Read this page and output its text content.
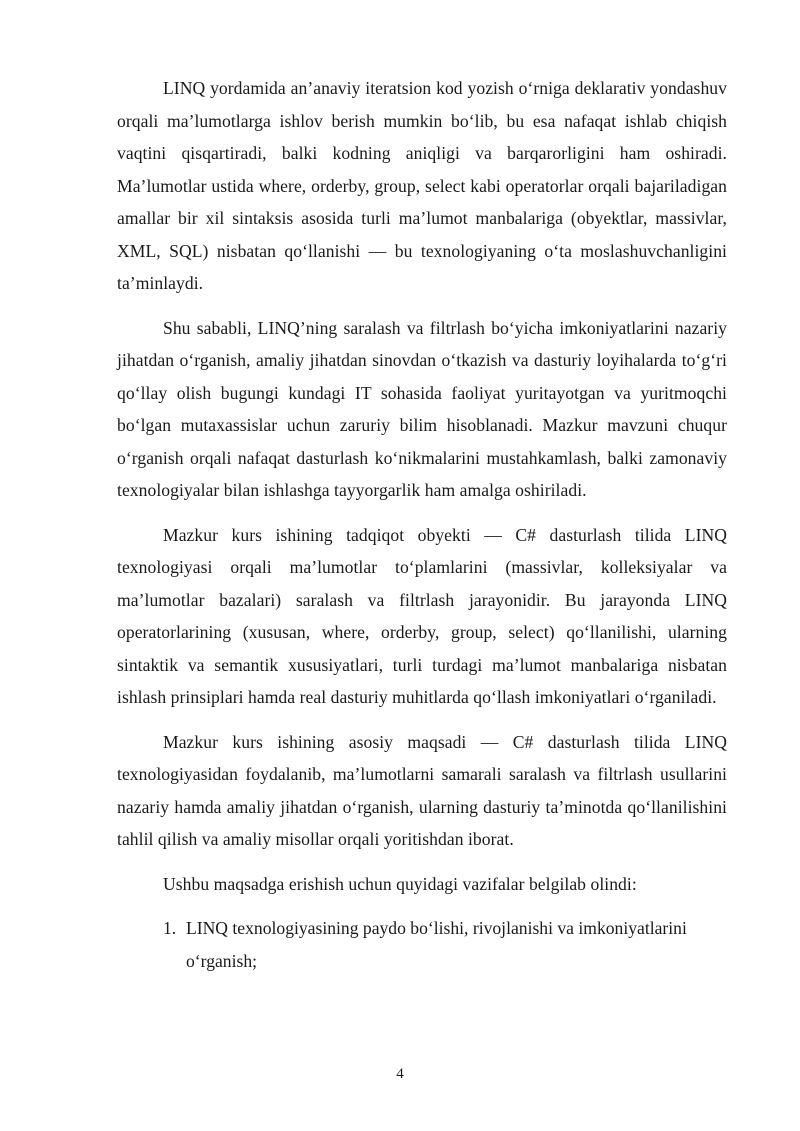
LINQ yordamida an’anaviy iteratsion kod yozish o‘rniga deklarativ yondashuv orqali ma’lumotlarga ishlov berish mumkin bo‘lib, bu esa nafaqat ishlab chiqish vaqtini qisqartiradi, balki kodning aniqligi va barqarorligini ham oshiradi. Ma’lumotlar ustida where, orderby, group, select kabi operatorlar orqali bajariladigan amallar bir xil sintaksis asosida turli ma’lumot manbalariga (obyektlar, massivlar, XML, SQL) nisbatan qo‘llanishi — bu texnologiyaning o‘ta moslashuvchanligini ta’minlaydi.

Shu sababli, LINQ’ning saralash va filtrlash bo‘yicha imkoniyatlarini nazariy jihatdan o‘rganish, amaliy jihatdan sinovdan o‘tkazish va dasturiy loyihalarda to‘g‘ri qo‘llay olish bugungi kundagi IT sohasida faoliyat yuritayotgan va yuritmoqchi bo‘lgan mutaxassislar uchun zaruriy bilim hisoblanadi. Mazkur mavzuni chuqur o‘rganish orqali nafaqat dasturlash ko‘nikmalarini mustahkamlash, balki zamonaviy texnologiyalar bilan ishlashga tayyorgarlik ham amalga oshiriladi.

Mazkur kurs ishining tadqiqot obyekti — C# dasturlash tilida LINQ texnologiyasi orqali ma’lumotlar to‘plamlarini (massivlar, kolleksiyalar va ma’lumotlar bazalari) saralash va filtrlash jarayonidir. Bu jarayonda LINQ operatorlarining (xususan, where, orderby, group, select) qo‘llanilishi, ularning sintaktik va semantik xususiyatlari, turli turdagi ma’lumot manbalariga nisbatan ishlash prinsiplari hamda real dasturiy muhitlarda qo‘llash imkoniyatlari o‘rganiladi.

Mazkur kurs ishining asosiy maqsadi — C# dasturlash tilida LINQ texnologiyasidan foydalanib, ma’lumotlarni samarali saralash va filtrlash usullarini nazariy hamda amaliy jihatdan o‘rganish, ularning dasturiy ta’minotda qo‘llanilishini tahlil qilish va amaliy misollar orqali yoritishdan iborat.

Ushbu maqsadga erishish uchun quyidagi vazifalar belgilab olindi:

1. LINQ texnologiyasining paydo bo‘lishi, rivojlanishi va imkoniyatlarini o‘rganish;
4
